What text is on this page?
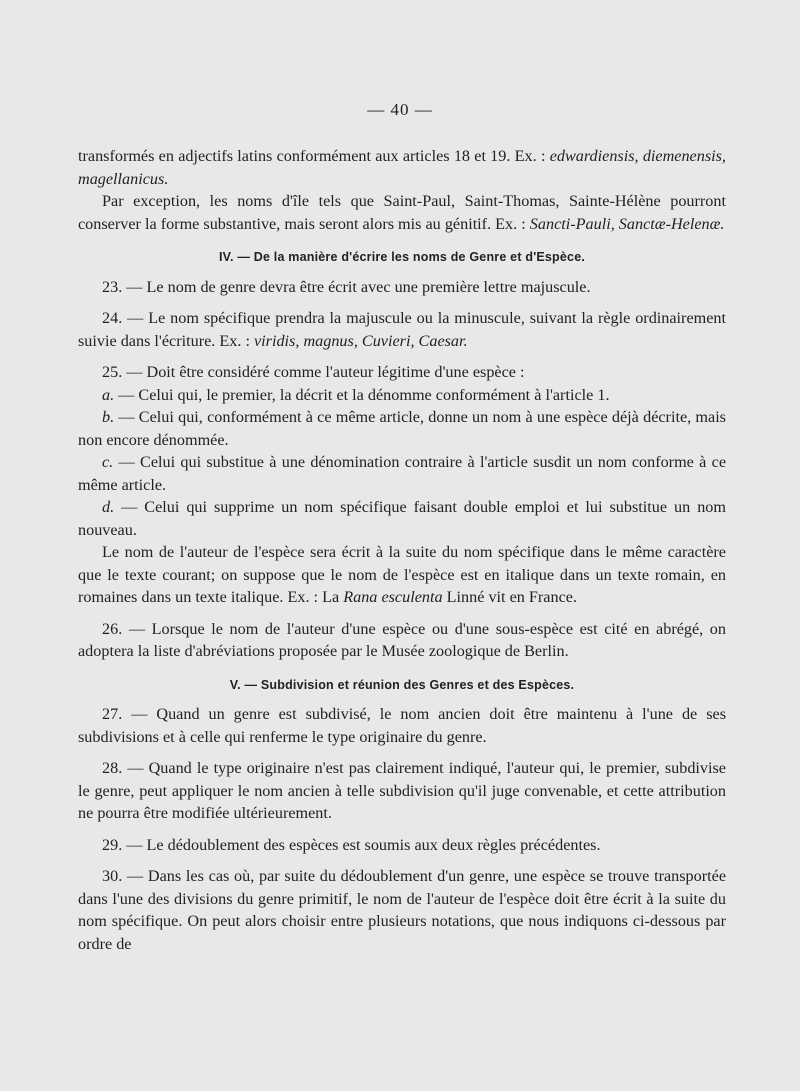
— 40 —

transformés en adjectifs latins conformément aux articles 18 et 19. Ex. : edwardiensis, diemenensis, magellanicus.

Par exception, les noms d'île tels que Saint-Paul, Saint-Thomas, Sainte-Hélène pourront conserver la forme substantive, mais seront alors mis au génitif. Ex. : Sancti-Pauli, Sanctæ-Helenæ.

IV. — De la manière d'écrire les noms de Genre et d'Espèce.

23. — Le nom de genre devra être écrit avec une première lettre majuscule.

24. — Le nom spécifique prendra la majuscule ou la minuscule, suivant la règle ordinairement suivie dans l'écriture. Ex. : viridis, magnus, Cuvieri, Caesar.

25. — Doit être considéré comme l'auteur légitime d'une espèce :

a. — Celui qui, le premier, la décrit et la dénomme conformément à l'article 1.

b. — Celui qui, conformément à ce même article, donne un nom à une espèce déjà décrite, mais non encore dénommée.

c. — Celui qui substitue à une dénomination contraire à l'article susdit un nom conforme à ce même article.

d. — Celui qui supprime un nom spécifique faisant double emploi et lui substitue un nom nouveau.

Le nom de l'auteur de l'espèce sera écrit à la suite du nom spécifique dans le même caractère que le texte courant; on suppose que le nom de l'espèce est en italique dans un texte romain, en romaines dans un texte italique. Ex. : La Rana esculenta Linné vit en France.

26. — Lorsque le nom de l'auteur d'une espèce ou d'une sous-espèce est cité en abrégé, on adoptera la liste d'abréviations proposée par le Musée zoologique de Berlin.

V. — Subdivision et réunion des Genres et des Espèces.

27. — Quand un genre est subdivisé, le nom ancien doit être maintenu à l'une de ses subdivisions et à celle qui renferme le type originaire du genre.

28. — Quand le type originaire n'est pas clairement indiqué, l'auteur qui, le premier, subdivise le genre, peut appliquer le nom ancien à telle subdivision qu'il juge convenable, et cette attribution ne pourra être modifiée ultérieurement.

29. — Le dédoublement des espèces est soumis aux deux règles précédentes.

30. — Dans les cas où, par suite du dédoublement d'un genre, une espèce se trouve transportée dans l'une des divisions du genre primitif, le nom de l'auteur de l'espèce doit être écrit à la suite du nom spécifique. On peut alors choisir entre plusieurs notations, que nous indiquons ci-dessous par ordre de
